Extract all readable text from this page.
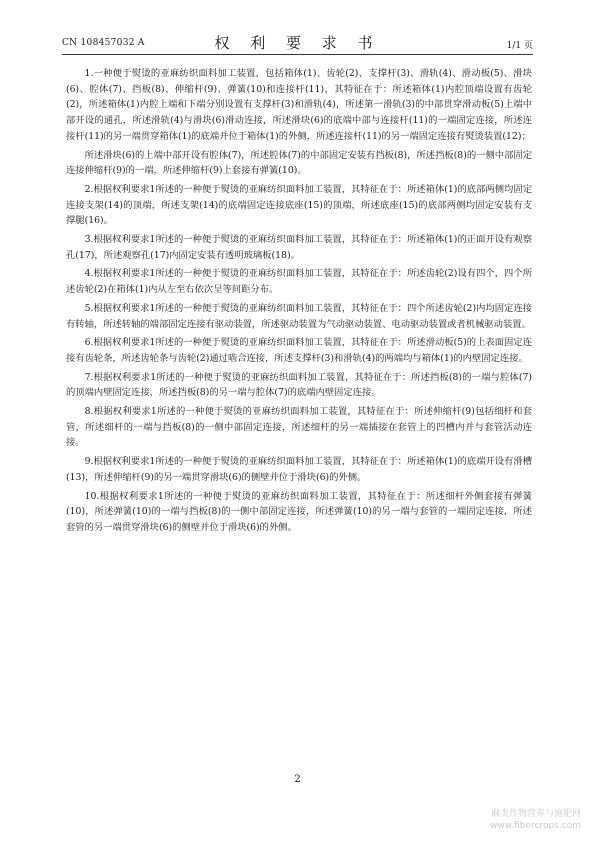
CN 108457032 A	权 利 要 求 书	1/1 页

1.一种便于熨烫的亚麻纺织面料加工装置，包括箱体(1)、齿轮(2)、支撑杆(3)、滑轨(4)、滑动板(5)、滑块(6)、腔体(7)、挡板(8)、伸缩杆(9)、弹簧(10)和连接杆(11)，其特征在于：所述箱体(1)内腔顶端设置有齿轮(2)，所述箱体(1)内腔上端和下端分别设置有支撑杆(3)和滑轨(4)，所述第一滑轨(3)的中部贯穿滑动板(5)上端中部开设的通孔，所述滑轨(4)与滑块(6)滑动连接，所述滑块(6)的底端中部与连接杆(11)的一端固定连接，所述连接杆(11)的另一端贯穿箱体(1)的底端并位于箱体(1)的外侧，所述连接杆(11)的另一端固定连接有熨烫装置(12)；

所述滑块(6)的上端中部开设有腔体(7)，所述腔体(7)的中部固定安装有挡板(8)，所述挡板(8)的一侧中部固定连接伸缩杆(9)的一端，所述伸缩杆(9)上套接有弹簧(10)。

2.根据权利要求1所述的一种便于熨烫的亚麻纺织面料加工装置，其特征在于：所述箱体(1)的底部两侧均固定连接支架(14)的顶端，所述支架(14)的底端固定连接底座(15)的顶端，所述底座(15)的底部两侧均固定安装有支撑腿(16)。

3.根据权利要求1所述的一种便于熨烫的亚麻纺织面料加工装置，其特征在于：所述箱体(1)的正面开设有观察孔(17)，所述观察孔(17)内固定安装有透明玻璃板(18)。

4.根据权利要求1所述的一种便于熨烫的亚麻纺织面料加工装置，其特征在于：所述齿轮(2)设有四个，四个所述齿轮(2)在箱体(1)内从左至右依次呈等间距分布。

5.根据权利要求1所述的一种便于熨烫的亚麻纺织面料加工装置，其特征在于：四个所述齿轮(2)内均固定连接有转轴，所述转轴的端部固定连接有驱动装置，所述驱动装置为气动驱动装置、电动驱动装置或者机械驱动装置。

6.根据权利要求1所述的一种便于熨烫的亚麻纺织面料加工装置，其特征在于：所述滑动板(5)的上表面固定连接有齿轮条，所述齿轮条与齿轮(2)通过啮合连接，所述支撑杆(3)和滑轨(4)的两端均与箱体(1)的内壁固定连接。

7.根据权利要求1所述的一种便于熨烫的亚麻纺织面料加工装置，其特征在于：所述挡板(8)的一端与腔体(7)的顶端内壁固定连接，所述挡板(8)的另一端与腔体(7)的底端内壁固定连接。

8.根据权利要求1所述的一种便于熨烫的亚麻纺织面料加工装置，其特征在于：所述伸缩杆(9)包括细杆和套管，所述细杆的一端与挡板(8)的一侧中部固定连接，所述细杆的另一端插接在套管上的凹槽内并与套管活动连接。

9.根据权利要求1所述的一种便于熨烫的亚麻纺织面料加工装置，其特征在于：所述箱体(1)的底端开设有滑槽(13)，所述伸缩杆(9)的另一端贯穿滑块(6)的侧壁并位于滑块(6)的外侧。

10.根据权利要求1所述的一种便于熨烫的亚麻纺织面料加工装置，其特征在于：所述细杆外侧套接有弹簧(10)，所述弹簧(10)的一端与挡板(8)的一侧中部固定连接，所述弹簧(10)的另一端与套管的一端固定连接，所述套管的另一端贯穿滑块(6)的侧壁并位于滑块(6)的外侧。

2
麻类作物营养与施肥网
www.fibercrops.com
